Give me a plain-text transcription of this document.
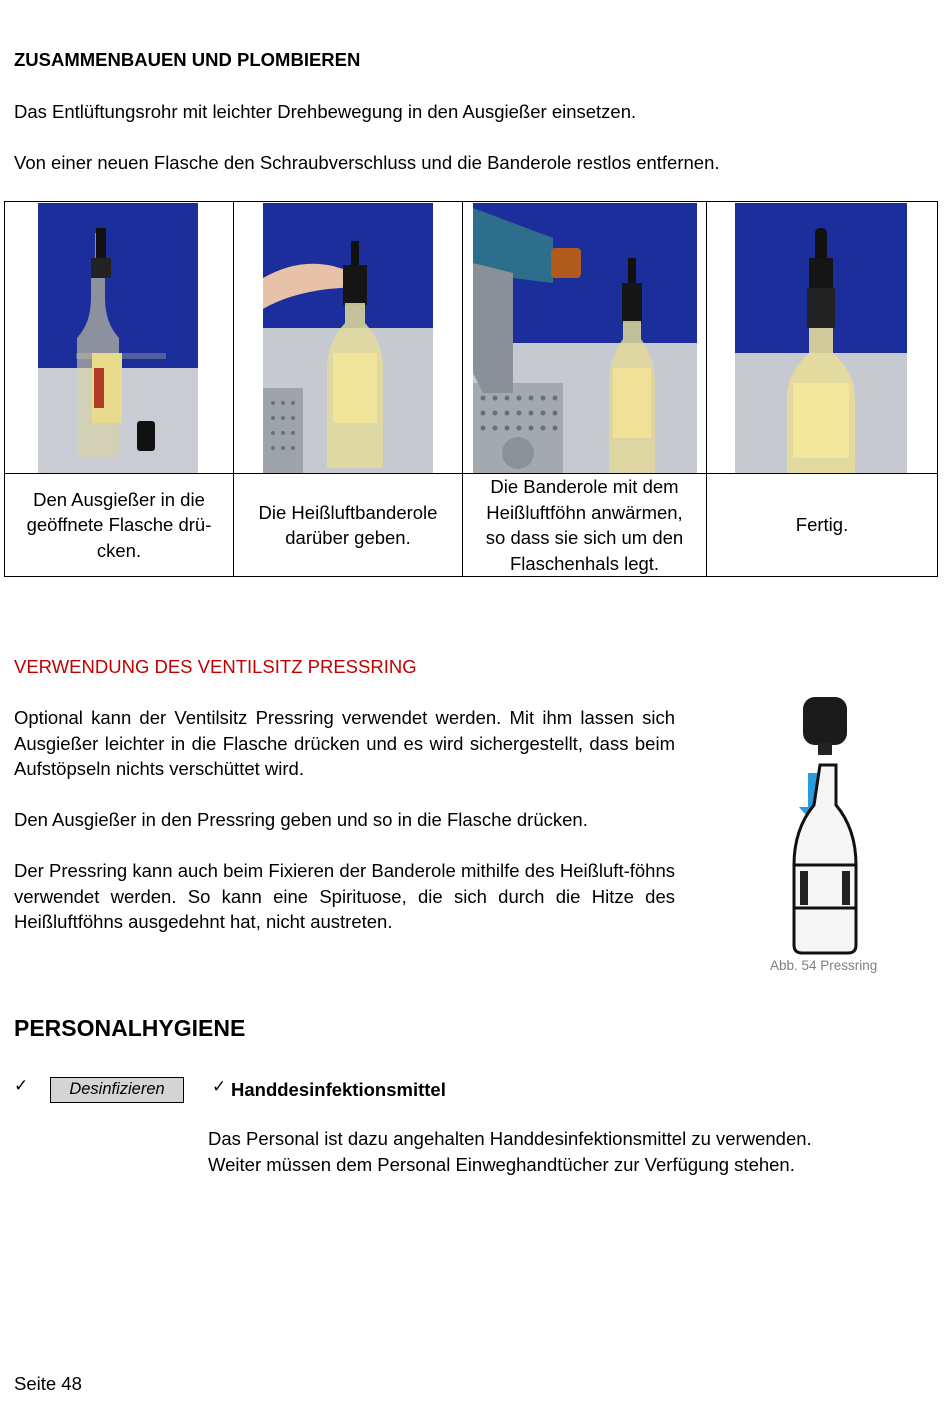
ZUSAMMENBAUEN UND PLOMBIEREN
Das Entlüftungsrohr mit leichter Drehbewegung in den Ausgießer einsetzen.
Von einer neuen Flasche den Schraubverschluss und die Banderole restlos entfernen.

Den Ausgießer in die geöffnete Flasche drü-cken.	Die Heißluftbanderole darüber geben.	Die Banderole mit dem Heißluftföhn anwärmen, so dass sie sich um den Flaschenhals legt.	Fertig.
VERWENDUNG DES VENTILSITZ PRESSRING
Optional kann der Ventilsitz Pressring verwendet werden. Mit ihm lassen sich Ausgießer leichter in die Flasche drücken und es wird sichergestellt, dass beim Aufstöpseln nichts verschüttet wird.
Den Ausgießer in den Pressring geben und so in die Flasche drücken.
Der Pressring kann auch beim Fixieren der Banderole mithilfe des Heißluft-föhns verwendet werden. So kann eine Spirituose, die sich durch die Hitze des Heißluftföhns ausgedehnt hat, nicht austreten.
Abb. 54 Pressring
PERSONALHYGIENE
✓	Desinfizieren	✓ Handdesinfektionsmittel
Das Personal ist dazu angehalten Handdesinfektionsmittel zu verwenden.
Weiter müssen dem Personal Einweghandtücher zur Verfügung stehen.
Seite 48
